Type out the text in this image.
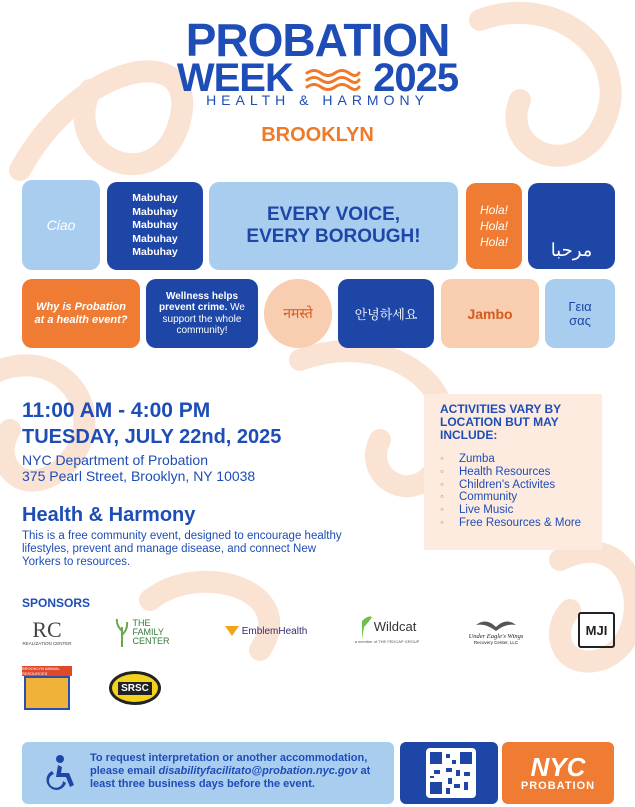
PROBATION
WEEK 2025
HEALTH & HARMONY
BROOKLYN
Ciao
Mabuhay
Mabuhay
Mabuhay
Mabuhay
Mabuhay
EVERY VOICE,
EVERY BOROUGH!
Hola!
Hola!
Hola! مرحبا
Why is Probation at a health event?
Wellness helps prevent crime. We support the whole community!
नमस्ते	안녕하세요	Jambo	Γεια
σας
11:00 AM - 4:00 PM
TUESDAY, JULY 22nd, 2025
NYC Department of Probation
375 Pearl Street, Brooklyn, NY 10038
Health & Harmony
This is a free community event, designed to encourage healthy lifestyles, prevent and manage disease, and connect New Yorkers to resources.
ACTIVITIES VARY BY LOCATION BUT MAY INCLUDE:
◦ Zumba
◦ Health Resources
◦ Children's Activites
◦ Community
◦ Live Music
◦ Free Resources & More
SPONSORS
RC
REALIZATION CENTER
THE
FAMILY
CENTER
EmblemHealth	Wildcat
a member of THE FEDCAP GROUP
Under Eagle's Wings
Recovery Center, LLC
MJI
BROOKLYN ANIMAL RESOURCES
SRSC
To request interpretation or another accommodation, please email disabilityfacilitato@probation.nyc.gov at least three business days before the event.
NYC
PROBATION
